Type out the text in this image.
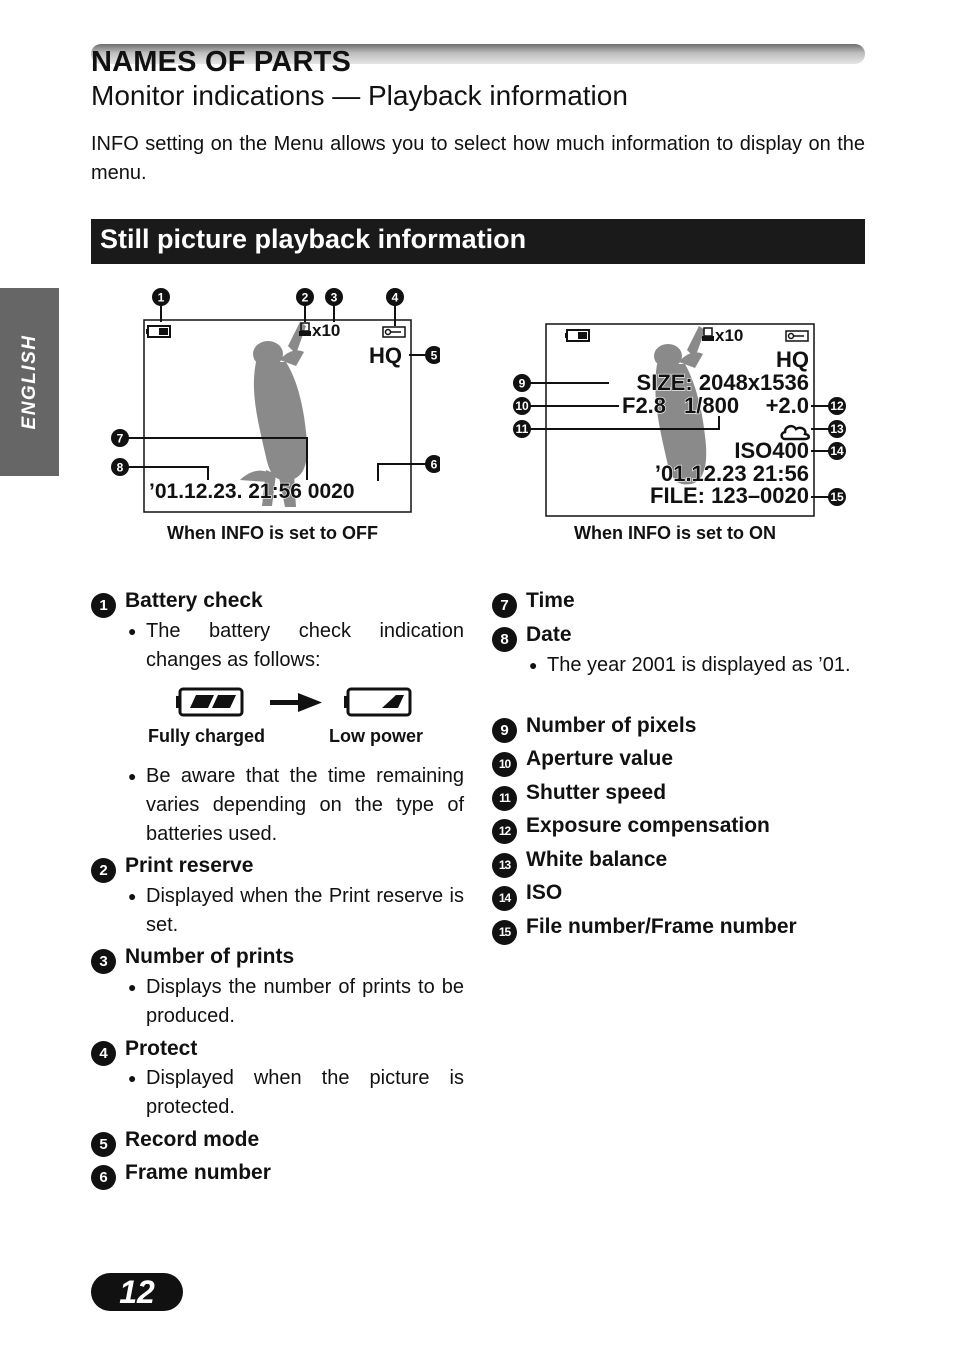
NAMES OF PARTS
Monitor indications — Playback information
INFO setting on the Menu allows you to select how much information to display on the menu.
Still picture playback information
ENGLISH
x10
HQ
’01.12.23. 21:56 0020
1	2 3	4
5
6
7
8
When INFO is set to OFF
x10
HQ
SIZE: 2048x1536
F2.8 1/800 +2.0
ISO400
’01.12.23 21:56
FILE: 123–0020
9
10
11
12
13
14
15
When INFO is set to ON
1 Battery check
● The battery check indication changes as follows:
Fully charged	Low power
● Be aware that the time remaining varies depending on the type of batteries used.
2 Print reserve
● Displayed when the Print reserve is set.
3 Number of prints
● Displays the number of prints to be produced.
4 Protect
● Displayed when the picture is protected.
5 Record mode
6 Frame number
7 Time
8 Date
● The year 2001 is displayed as ’01.
9 Number of pixels
10 Aperture value
11 Shutter speed
12 Exposure compensation
13 White balance
14 ISO
15 File number/Frame number
12
